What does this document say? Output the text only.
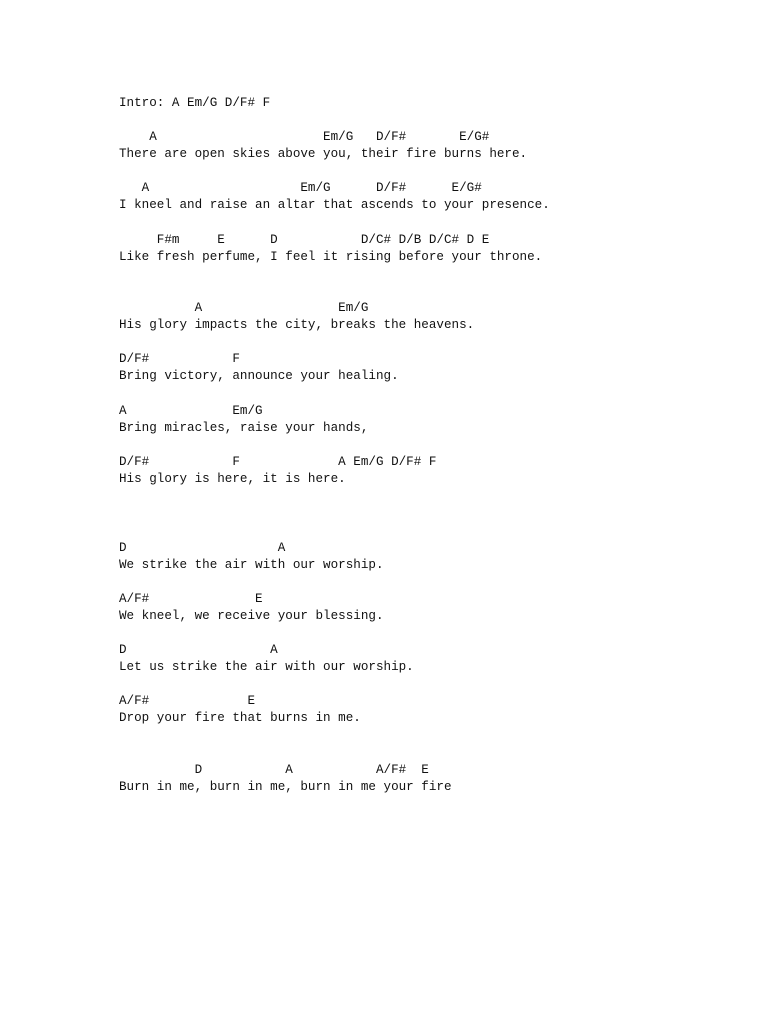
Intro: A Em/G D/F# F

A                      Em/G   D/F#       E/G#

There are open skies above you, their fire burns here.

A                    Em/G      D/F#      E/G#

I kneel and raise an altar that ascends to your presence.

F#m     E      D           D/C# D/B D/C# D E

Like fresh perfume, I feel it rising before your throne.

A                  Em/G

His glory impacts the city, breaks the heavens.

D/F#           F

Bring victory, announce your healing.

A              Em/G

Bring miracles, raise your hands,

D/F#           F             A Em/G D/F# F

His glory is here, it is here.

D                    A

We strike the air with our worship.

A/F#              E

We kneel, we receive your blessing.

D                   A

Let us strike the air with our worship.

A/F#             E

Drop your fire that burns in me.

D           A           A/F#  E

Burn in me, burn in me, burn in me your fire
